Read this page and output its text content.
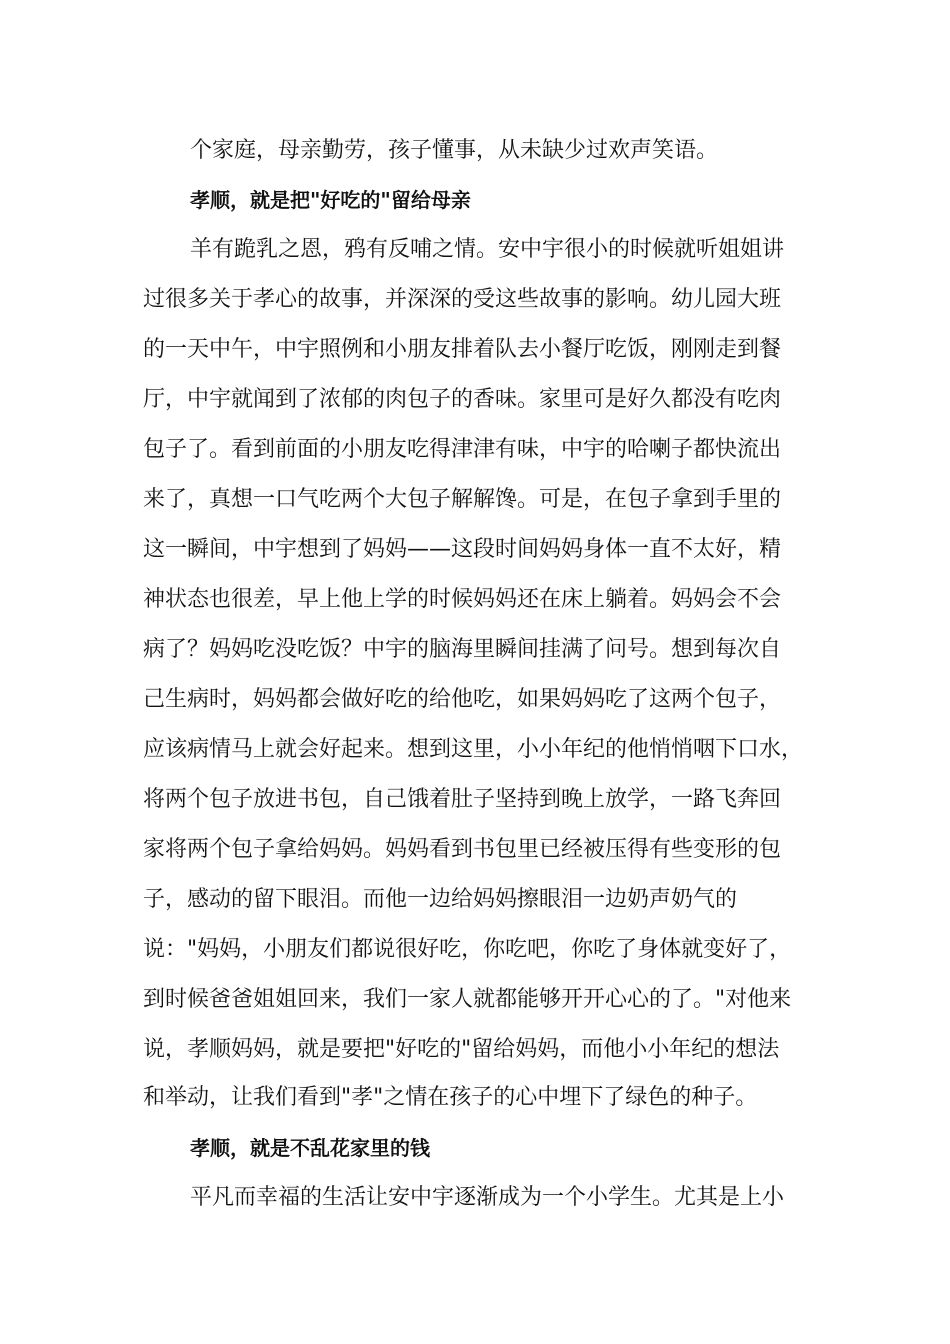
个家庭，母亲勤劳，孩子懂事，从未缺少过欢声笑语。
孝顺，就是把"好吃的"留给母亲
羊有跪乳之恩，鸦有反哺之情。安中宇很小的时候就听姐姐讲
过很多关于孝心的故事，并深深的受这些故事的影响。幼儿园大班
的一天中午，中宇照例和小朋友排着队去小餐厅吃饭，刚刚走到餐
厅，中宇就闻到了浓郁的肉包子的香味。家里可是好久都没有吃肉
包子了。看到前面的小朋友吃得津津有味，中宇的哈喇子都快流出
来了，真想一口气吃两个大包子解解馋。可是，在包子拿到手里的
这一瞬间，中宇想到了妈妈——这段时间妈妈身体一直不太好，精
神状态也很差，早上他上学的时候妈妈还在床上躺着。妈妈会不会
病了？妈妈吃没吃饭？中宇的脑海里瞬间挂满了问号。想到每次自
己生病时，妈妈都会做好吃的给他吃，如果妈妈吃了这两个包子，
应该病情马上就会好起来。想到这里，小小年纪的他悄悄咽下口水，
将两个包子放进书包，自己饿着肚子坚持到晚上放学，一路飞奔回
家将两个包子拿给妈妈。妈妈看到书包里已经被压得有些变形的包
子，感动的留下眼泪。而他一边给妈妈擦眼泪一边奶声奶气的
说："妈妈，小朋友们都说很好吃，你吃吧，你吃了身体就变好了，
到时候爸爸姐姐回来，我们一家人就都能够开开心心的了。"对他来
说，孝顺妈妈，就是要把"好吃的"留给妈妈，而他小小年纪的想法
和举动，让我们看到"孝"之情在孩子的心中埋下了绿色的种子。
孝顺，就是不乱花家里的钱
平凡而幸福的生活让安中宇逐渐成为一个小学生。尤其是上小
